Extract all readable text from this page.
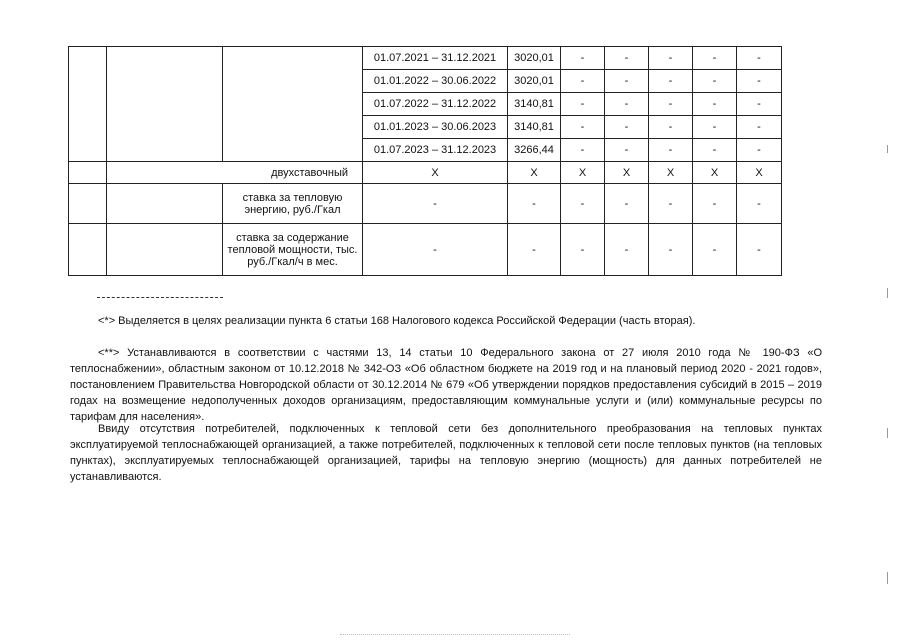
			01.07.2021 – 31.12.2021	3020,01	-	-	-	-	-
			01.01.2022 – 30.06.2022	3020,01	-	-	-	-	-
			01.07.2022 – 31.12.2022	3140,81	-	-	-	-	-
			01.01.2023 – 30.06.2023	3140,81	-	-	-	-	-
			01.07.2023 – 31.12.2023	3266,44	-	-	-	-	-
	двухставочный		X	X	X	X	X	X	X
		ставка за тепловую энергию, руб./Гкал	-	-	-	-	-	-	-
		ставка за содержание тепловой мощности, тыс. руб./Гкал/ч в мес.	-	-	-	-	-	-	-

<*> Выделяется в целях реализации пункта 6 статьи 168 Налогового кодекса Российской Федерации (часть вторая).

<**> Устанавливаются в соответствии с частями 13, 14 статьи 10 Федерального закона от 27 июля 2010 года № 190-ФЗ «О теплоснабжении», областным законом от 10.12.2018 № 342-ОЗ «Об областном бюджете на 2019 год и на плановый период 2020 - 2021 годов», постановлением Правительства Новгородской области от 30.12.2014 № 679 «Об утверждении порядков предоставления субсидий в 2015 – 2019 годах на возмещение недополученных доходов организациям, предоставляющим коммунальные услуги и (или) коммунальные ресурсы по тарифам для населения».

Ввиду отсутствия потребителей, подключенных к тепловой сети без дополнительного преобразования на тепловых пунктах эксплуатируемой теплоснабжающей организацией, а также потребителей, подключенных к тепловой сети после тепловых пунктов (на тепловых пунктах), эксплуатируемых теплоснабжающей организацией, тарифы на тепловую энергию (мощность) для данных потребителей не устанавливаются.
